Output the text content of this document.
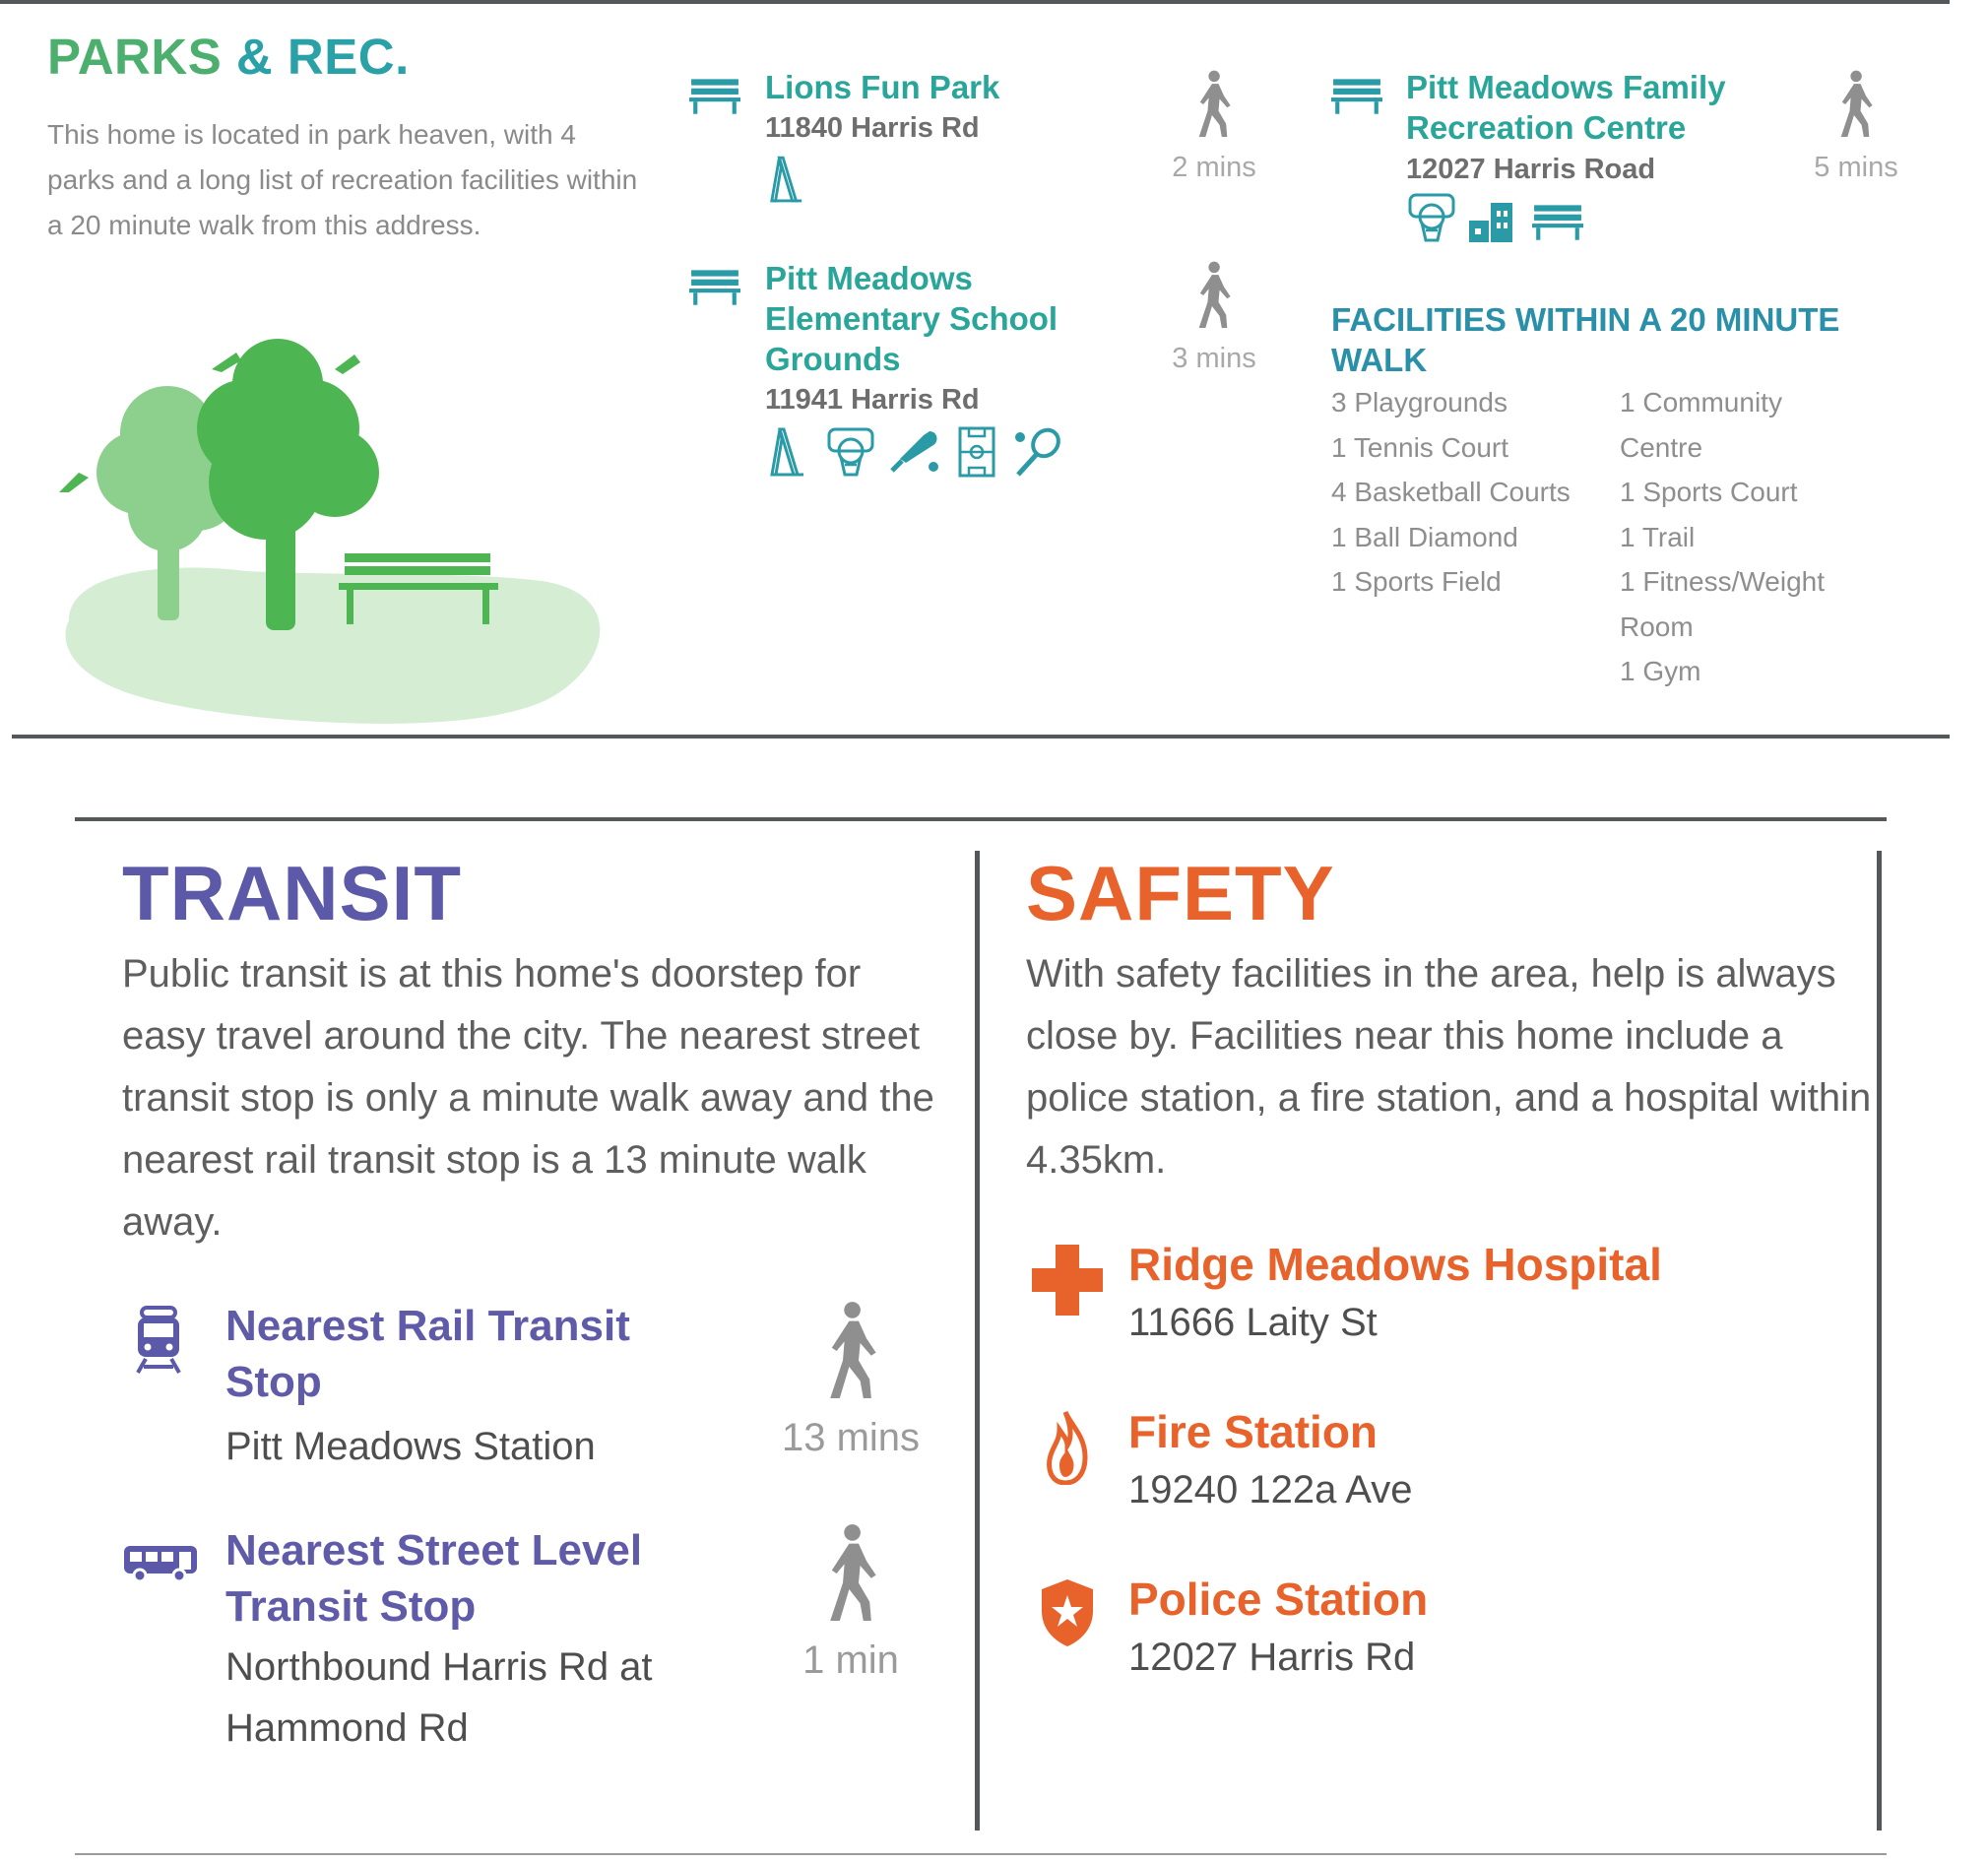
PARKS & REC.
This home is located in park heaven, with 4 parks and a long list of recreation facilities within a 20 minute walk from this address.
Lions Fun Park
11840 Harris Rd
2 mins
Pitt Meadows Elementary School Grounds
11941 Harris Rd
3 mins
Pitt Meadows Family Recreation Centre
12027 Harris Road	5 mins
FACILITIES WITHIN A 20 MINUTE WALK
3 Playgrounds
1 Tennis Court
4 Basketball Courts
1 Ball Diamond
1 Sports Field
1 Community Centre
1 Sports Court
1 Trail
1 Fitness/Weight Room
1 Gym
TRANSIT
Public transit is at this home's doorstep for easy travel around the city. The nearest street transit stop is only a minute walk away and the nearest rail transit stop is a 13 minute walk away.
Nearest Rail Transit Stop
Pitt Meadows Station	13 mins
Nearest Street Level Transit Stop
Northbound Harris Rd at Hammond Rd
1 min
SAFETY
With safety facilities in the area, help is always close by. Facilities near this home include a police station, a fire station, and a hospital within 4.35km.
Ridge Meadows Hospital
11666 Laity St
Fire Station
19240 122a Ave
Police Station
12027 Harris Rd
